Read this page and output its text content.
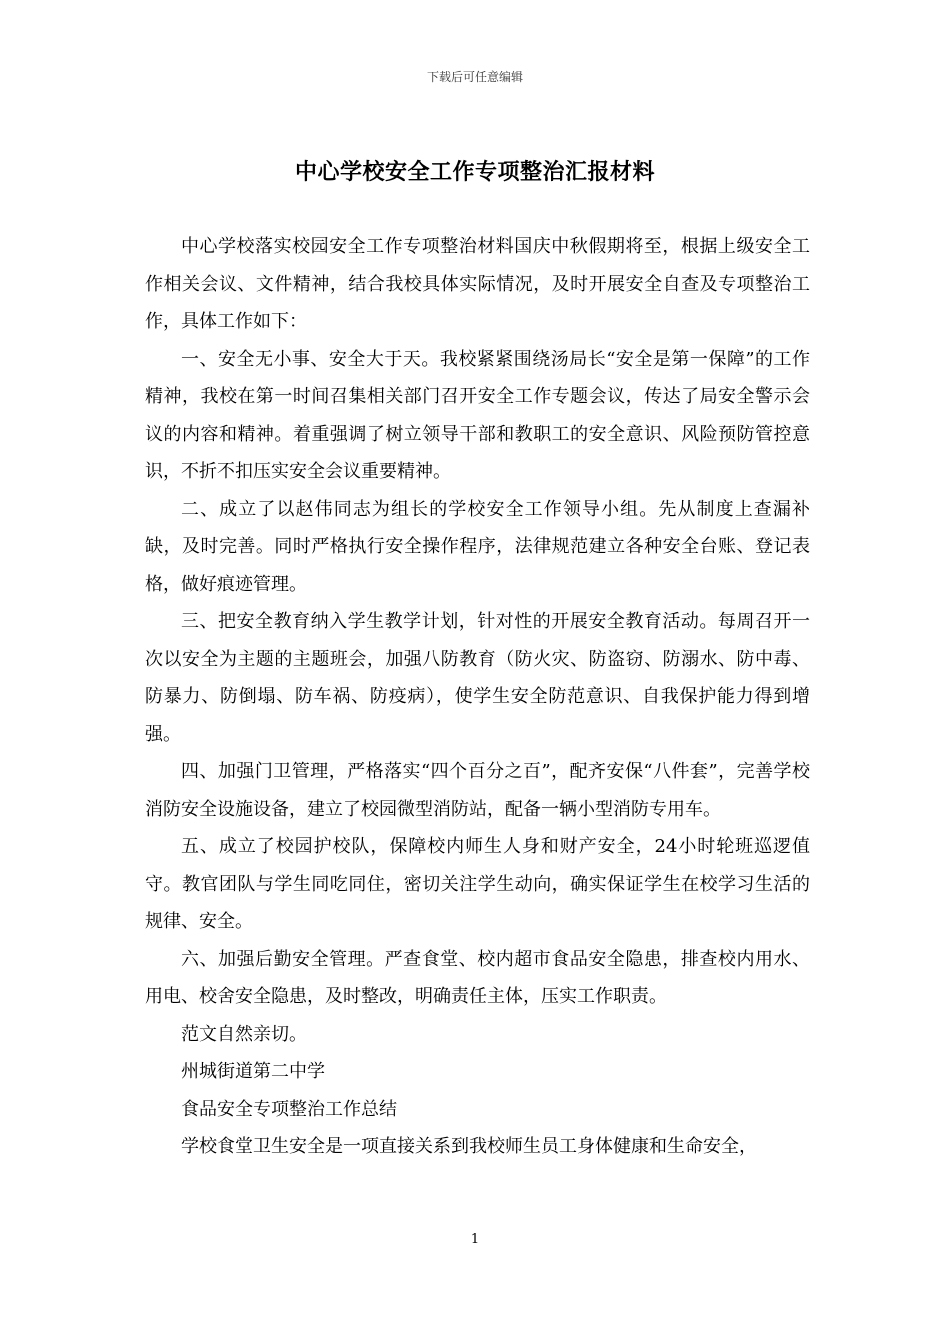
下载后可任意编辑
中心学校安全工作专项整治汇报材料

中心学校落实校园安全工作专项整治材料国庆中秋假期将至，根据上级安全工作相关会议、文件精神，结合我校具体实际情况，及时开展安全自查及专项整治工作，具体工作如下：

一、安全无小事、安全大于天。我校紧紧围绕汤局长“安全是第一保障”的工作精神，我校在第一时间召集相关部门召开安全工作专题会议，传达了局安全警示会议的内容和精神。着重强调了树立领导干部和教职工的安全意识、风险预防管控意识，不折不扣压实安全会议重要精神。

二、成立了以赵伟同志为组长的学校安全工作领导小组。先从制度上查漏补缺，及时完善。同时严格执行安全操作程序，法律规范建立各种安全台账、登记表格，做好痕迹管理。

三、把安全教育纳入学生教学计划，针对性的开展安全教育活动。每周召开一次以安全为主题的主题班会，加强八防教育（防火灾、防盗窃、防溺水、防中毒、防暴力、防倒塌、防车祸、防疫病），使学生安全防范意识、自我保护能力得到增强。

四、加强门卫管理，严格落实“四个百分之百”，配齐安保“八件套”，完善学校消防安全设施设备，建立了校园微型消防站，配备一辆小型消防专用车。

五、成立了校园护校队，保障校内师生人身和财产安全，24小时轮班巡逻值守。教官团队与学生同吃同住，密切关注学生动向，确实保证学生在校学习生活的规律、安全。

六、加强后勤安全管理。严查食堂、校内超市食品安全隐患，排查校内用水、用电、校舍安全隐患，及时整改，明确责任主体，压实工作职责。

范文自然亲切。

州城街道第二中学

食品安全专项整治工作总结

学校食堂卫生安全是一项直接关系到我校师生员工身体健康和生命安全，

1
